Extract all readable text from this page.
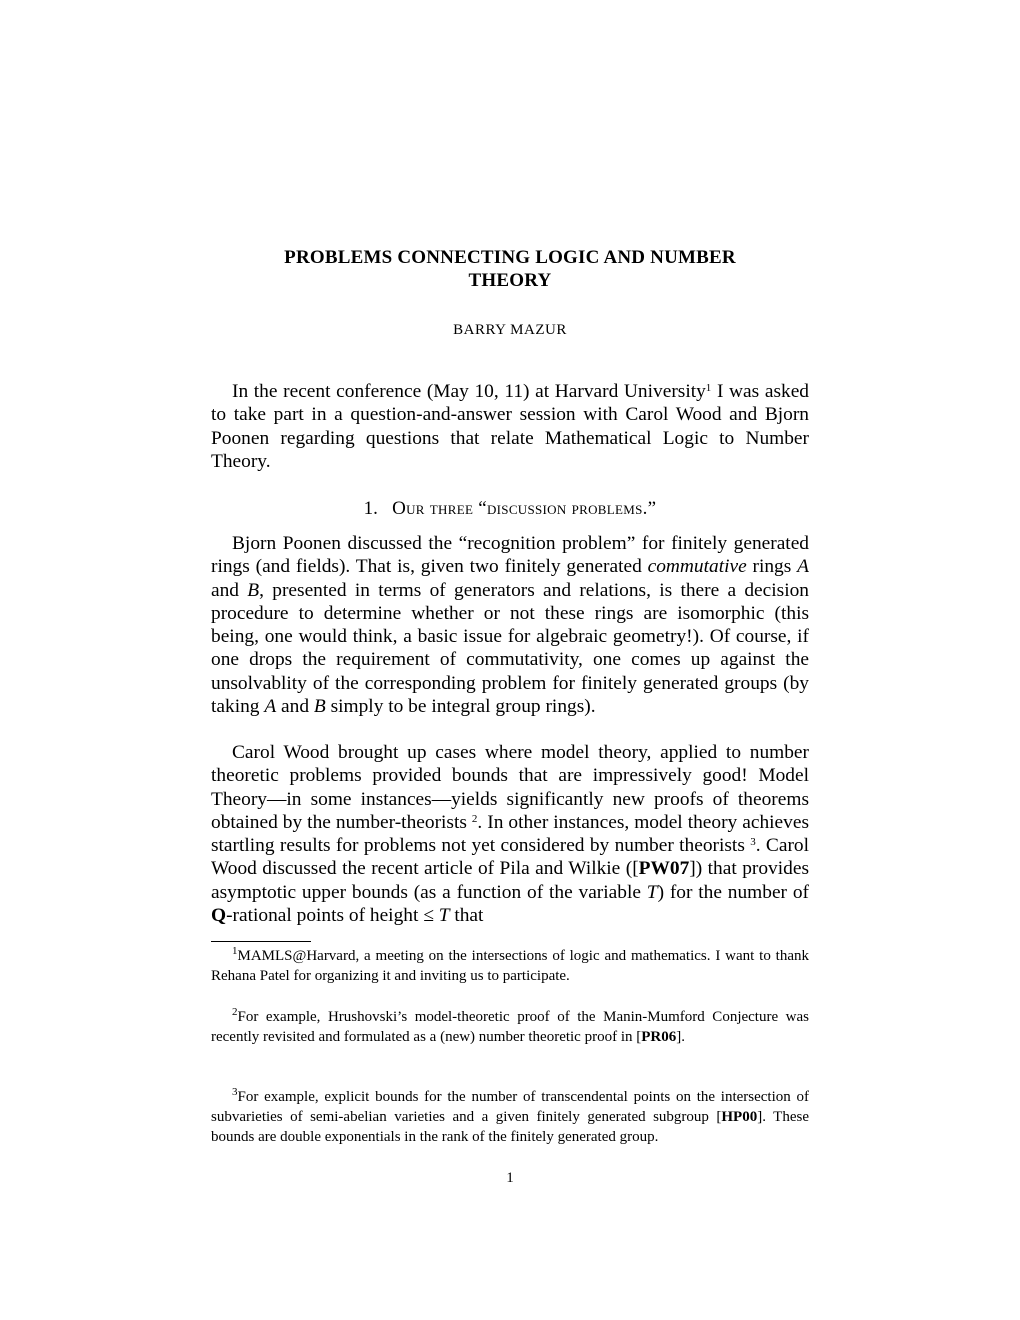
PROBLEMS CONNECTING LOGIC AND NUMBER
THEORY
BARRY MAZUR

In the recent conference (May 10, 11) at Harvard University$^1$ I was asked to take part in a question-and-answer session with Carol Wood and Bjorn Poonen regarding questions that relate Mathematical Logic to Number Theory.

1. Our three “discussion problems.”

Bjorn Poonen discussed the “recognition problem” for finitely generated rings (and fields). That is, given two finitely generated commutative rings A and B, presented in terms of generators and relations, is there a decision procedure to determine whether or not these rings are isomorphic (this being, one would think, a basic issue for algebraic geometry!). Of course, if one drops the requirement of commutativity, one comes up against the unsolvablity of the corresponding problem for finitely generated groups (by taking A and B simply to be integral group rings).

Carol Wood brought up cases where model theory, applied to number theoretic problems provided bounds that are impressively good! Model Theory—in some instances—yields significantly new proofs of theorems obtained by the number-theorists $^2$. In other instances, model theory achieves startling results for problems not yet considered by number theorists $^3$. Carol Wood discussed the recent article of Pila and Wilkie ([PW07]) that provides asymptotic upper bounds (as a function of the variable T) for the number of Q-rational points of height ≤ T that

$^1$MAMLS@Harvard, a meeting on the intersections of logic and mathematics. I want to thank Rehana Patel for organizing it and inviting us to participate.

$^2$For example, Hrushovski’s model-theoretic proof of the Manin-Mumford Conjecture was recently revisited and formulated as a (new) number theoretic proof in [PR06].

$^3$For example, explicit bounds for the number of transcendental points on the intersection of subvarieties of semi-abelian varieties and a given finitely generated subgroup [HP00]. These bounds are double exponentials in the rank of the finitely generated group.

1
